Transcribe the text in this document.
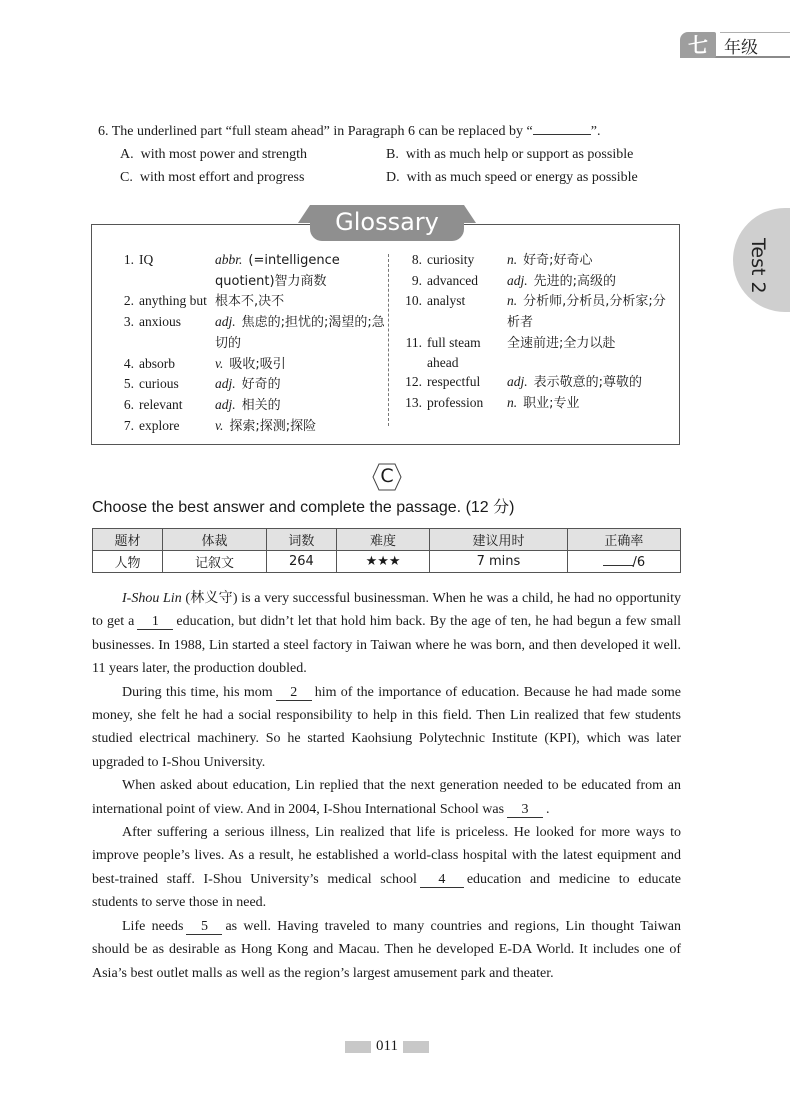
七 年级
Test 2
6. The underlined part “full steam ahead” in Paragraph 6 can be replaced by “	”.
A. with most power and strength	B. with as much help or support as possible
C. with most effort and progress	D. with as much speed or energy as possible
Glossary
1. IQ	abbr. (=intelligence quotient)智力商数
2. anything but 根本不,决不
3. anxious	adj. 焦虑的;担忧的;渴望的;急切的
4. absorb	v. 吸收;吸引
5. curious	adj. 好奇的
6. relevant	adj. 相关的
7. explore	v. 探索;探测;探险
8. curiosity	n. 好奇;好奇心
9. advanced	adj. 先进的;高级的
10. analyst	n. 分析师,分析员,分析家;分析者
11. full steam ahead
全速前进;全力以赴
12. respectful	adj. 表示敬意的;尊敬的
13. profession	n. 职业;专业
C
Choose the best answer and complete the passage. (12 分)
题材	体裁	词数	难度	建议用时	正确率
人物	记叙文	264	★★★	7 mins	/6

I-Shou Lin (林义守) is a very successful businessman. When he was a child, he had no opportunity to get a 1 education, but didn’t let that hold him back. By the age of ten, he had begun a few small businesses. In 1988, Lin started a steel factory in Taiwan where he was born, and then developed it well. 11 years later, the production doubled.

During this time, his mom 2 him of the importance of education. Because he had made some money, she felt he had a social responsibility to help in this field. Then Lin realized that few students studied electrical machinery. So he started Kaohsiung Polytechnic Institute (KPI), which was later upgraded to I-Shou University.

When asked about education, Lin replied that the next generation needed to be educated from an international point of view. And in 2004, I-Shou International School was 3 .

After suffering a serious illness, Lin realized that life is priceless. He looked for more ways to improve people’s lives. As a result, he established a world-class hospital with the latest equipment and best-trained staff. I-Shou University’s medical school 4 education and medicine to educate students to serve those in need.

Life needs 5 as well. Having traveled to many countries and regions, Lin thought Taiwan should be as desirable as Hong Kong and Macau. Then he developed E-DA World. It includes one of Asia’s best outlet malls as well as the region’s largest amusement park and theater.

011
